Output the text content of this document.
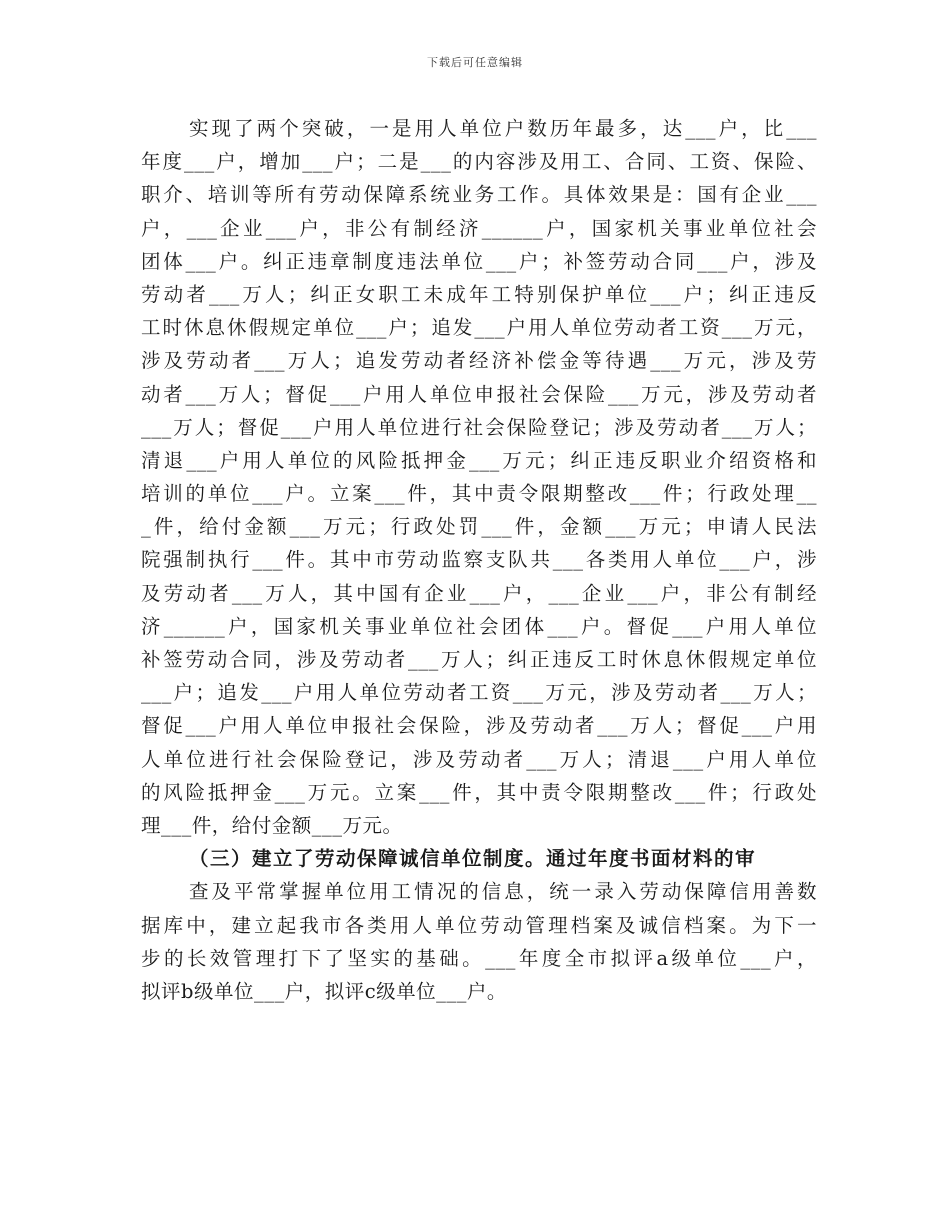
下载后可任意编辑
实现了两个突破，一是用人单位户数历年最多，达___户，比___
年度___户，增加___户；二是___的内容涉及用工、合同、工资、保险、
职介、培训等所有劳动保障系统业务工作。具体效果是：国有企业___
户，___企业___户，非公有制经济______户，国家机关事业单位社会
团体___户。纠正违章制度违法单位___户；补签劳动合同___户，涉及
劳动者___万人；纠正女职工未成年工特别保护单位___户；纠正违反
工时休息休假规定单位___户；追发___户用人单位劳动者工资___万元，
涉及劳动者___万人；追发劳动者经济补偿金等待遇___万元，涉及劳
动者___万人；督促___户用人单位申报社会保险___万元，涉及劳动者
___万人；督促___户用人单位进行社会保险登记；涉及劳动者___万人；
清退___户用人单位的风险抵押金___万元；纠正违反职业介绍资格和
培训的单位___户。立案___件，其中责令限期整改___件；行政处理__
_件，给付金额___万元；行政处罚___件，金额___万元；申请人民法
院强制执行___件。其中市劳动监察支队共___各类用人单位___户，涉
及劳动者___万人，其中国有企业___户，___企业___户，非公有制经
济______户，国家机关事业单位社会团体___户。督促___户用人单位
补签劳动合同，涉及劳动者___万人；纠正违反工时休息休假规定单位
___户；追发___户用人单位劳动者工资___万元，涉及劳动者___万人；
督促___户用人单位申报社会保险，涉及劳动者___万人；督促___户用
人单位进行社会保险登记，涉及劳动者___万人；清退___户用人单位
的风险抵押金___万元。立案___件，其中责令限期整改___件；行政处
理___件，给付金额___万元。
（三）建立了劳动保障诚信单位制度。通过年度书面材料的审
查及平常掌握单位用工情况的信息，统一录入劳动保障信用善数
据库中，建立起我市各类用人单位劳动管理档案及诚信档案。为下一
步的长效管理打下了坚实的基础。___年度全市拟评a级单位___户，
拟评b级单位___户，拟评c级单位___户。
